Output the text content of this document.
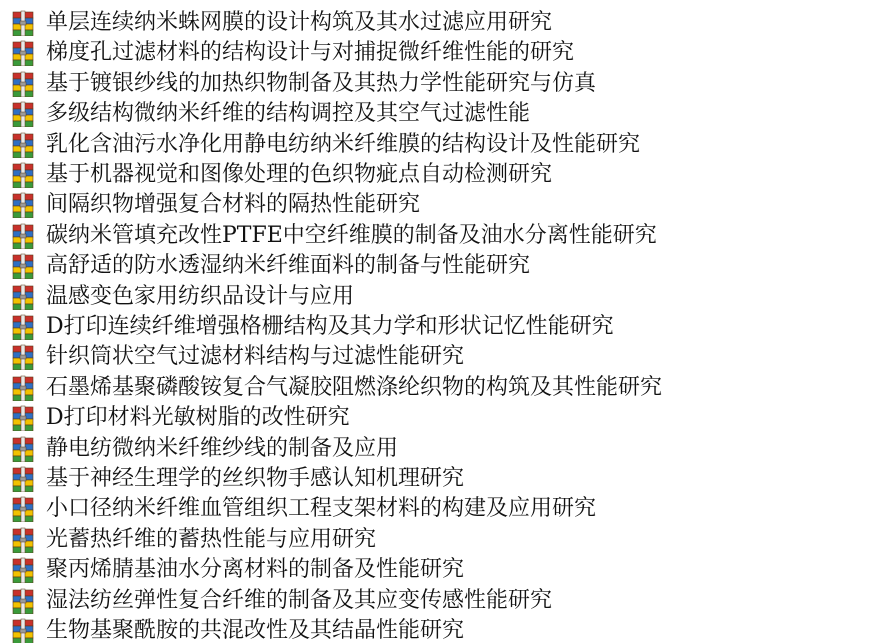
单层连续纳米蛛网膜的设计构筑及其水过滤应用研究
梯度孔过滤材料的结构设计与对捕捉微纤维性能的研究
基于镀银纱线的加热织物制备及其热力学性能研究与仿真
多级结构微纳米纤维的结构调控及其空气过滤性能
乳化含油污水净化用静电纺纳米纤维膜的结构设计及性能研究
基于机器视觉和图像处理的色织物疵点自动检测研究
间隔织物增强复合材料的隔热性能研究
碳纳米管填充改性PTFE中空纤维膜的制备及油水分离性能研究
高舒适的防水透湿纳米纤维面料的制备与性能研究
温感变色家用纺织品设计与应用
D打印连续纤维增强格栅结构及其力学和形状记忆性能研究
针织筒状空气过滤材料结构与过滤性能研究
石墨烯基聚磷酸铵复合气凝胶阻燃涤纶织物的构筑及其性能研究
D打印材料光敏树脂的改性研究
静电纺微纳米纤维纱线的制备及应用
基于神经生理学的丝织物手感认知机理研究
小口径纳米纤维血管组织工程支架材料的构建及应用研究
光蓄热纤维的蓄热性能与应用研究
聚丙烯腈基油水分离材料的制备及性能研究
湿法纺丝弹性复合纤维的制备及其应变传感性能研究
生物基聚酰胺的共混改性及其结晶性能研究
